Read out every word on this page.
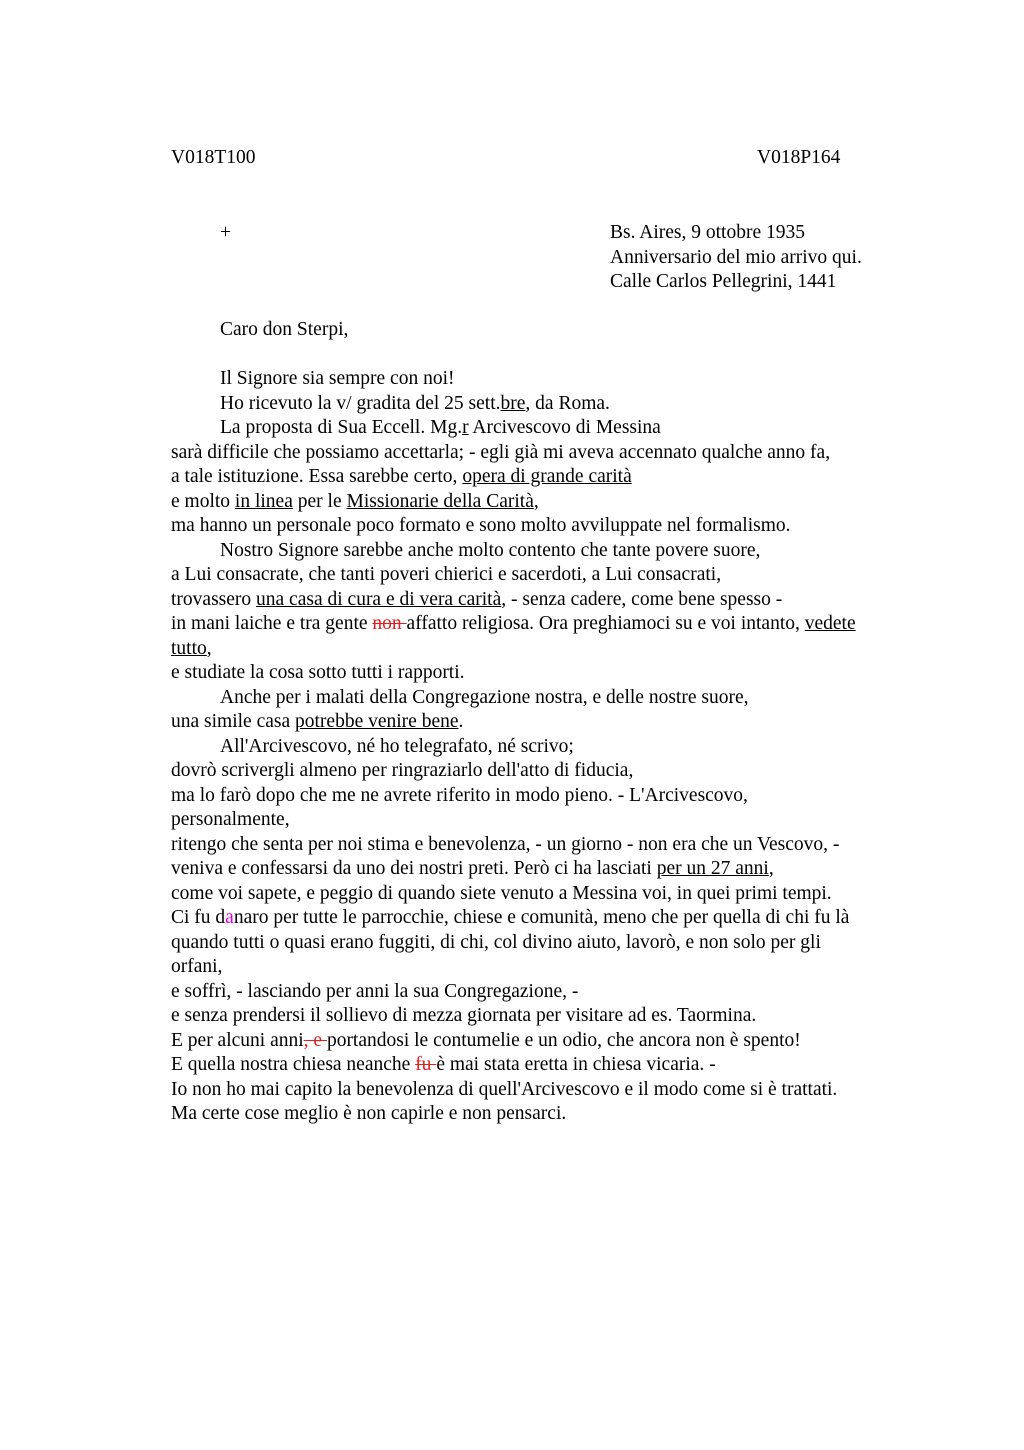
V018T100	V018P164
+	Bs. Aires, 9 ottobre 1935
Anniversario del mio arrivo qui.
Calle Carlos Pellegrini, 1441
Caro don Sterpi,
Il Signore sia sempre con noi!
Ho ricevuto la v/ gradita del 25 sett.bre, da Roma.
La proposta di Sua Eccell. Mg.r Arcivescovo di Messina
sarà difficile che possiamo accettarla; - egli già mi aveva accennato qualche anno fa,
a tale istituzione. Essa sarebbe certo, opera di grande carità
e molto in linea per le Missionarie della Carità,
ma hanno un personale poco formato e sono molto avviluppate nel formalismo.
Nostro Signore sarebbe anche molto contento che tante povere suore,
a Lui consacrate, che tanti poveri chierici e sacerdoti, a Lui consacrati,
trovassero una casa di cura e di vera carità, - senza cadere, come bene spesso -
in mani laiche e tra gente non affatto religiosa. Ora preghiamoci su e voi intanto, vedete
tutto,
e studiate la cosa sotto tutti i rapporti.
Anche per i malati della Congregazione nostra, e delle nostre suore,
una simile casa potrebbe venire bene.
All'Arcivescovo, né ho telegrafato, né scrivo;
dovrò scrivergli almeno per ringraziarlo dell'atto di fiducia,
ma lo farò dopo che me ne avrete riferito in modo pieno. - L'Arcivescovo,
personalmente,
ritengo che senta per noi stima e benevolenza, - un giorno - non era che un Vescovo, -
veniva e confessarsi da uno dei nostri preti. Però ci ha lasciati per un 27 anni,
come voi sapete, e peggio di quando siete venuto a Messina voi, in quei primi tempi.
Ci fu danaro per tutte le parrocchie, chiese e comunità, meno che per quella di chi fu là
quando tutti o quasi erano fuggiti, di chi, col divino aiuto, lavorò, e non solo per gli
orfani,
e soffrì, - lasciando per anni la sua Congregazione, -
e senza prendersi il sollievo di mezza giornata per visitare ad es. Taormina.
E per alcuni anni, e portandosi le contumelie e un odio, che ancora non è spento!
E quella nostra chiesa neanche fu è mai stata eretta in chiesa vicaria. -
Io non ho mai capito la benevolenza di quell'Arcivescovo e il modo come si è trattati.
Ma certe cose meglio è non capirle e non pensarci.
